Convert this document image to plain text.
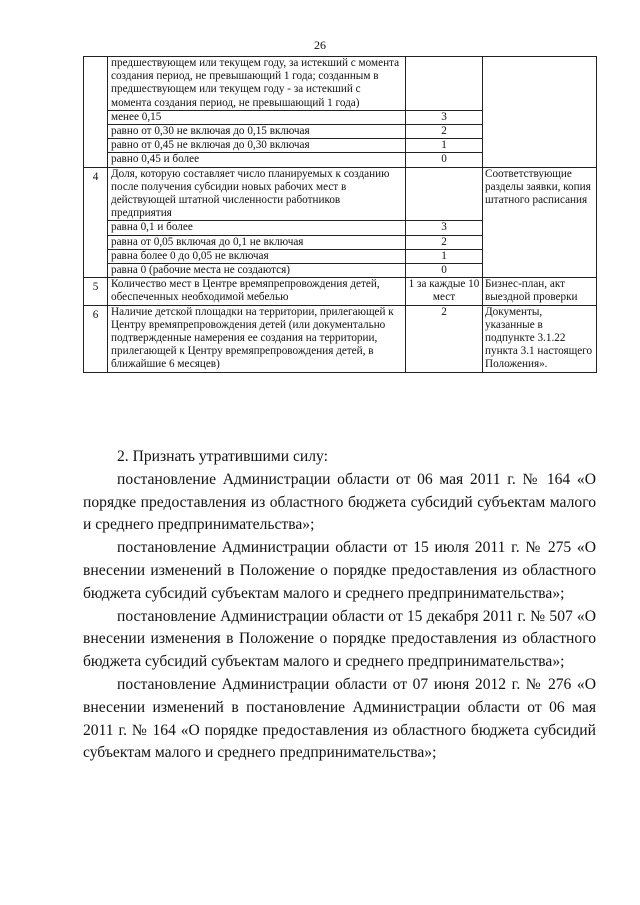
26
	предшествующем или текущем году, за истекший с момента создания период, не превышающий 1 года; созданным в предшествующем или текущем году - за истекший с момента создания период, не превышающий 1 года)		
	менее 0,15	3	
	равно от 0,30 не включая до 0,15 включая	2	
	равно от 0,45 не включая до 0,30 включая	1	
	равно 0,45 и более	0	
4	Доля, которую составляет число планируемых к созданию после получения субсидии новых рабочих мест в действующей штатной численности работников предприятия		Соответствующие разделы заявки, копия штатного расписания
	равна 0,1 и более	3	
	равна от 0,05 включая до 0,1 не включая	2	
	равна более 0 до 0,05 не включая	1	
	равна 0 (рабочие места не создаются)	0	
5	Количество мест в Центре времяпрепровождения детей, обеспеченных необходимой мебелью	1 за каждые 10 мест	Бизнес-план, акт выездной проверки
6	Наличие детской площадки на территории, прилегающей к Центру времяпрепровождения детей (или документально подтвержденные намерения ее создания на территории, прилегающей к Центру времяпрепровождения детей, в ближайшие 6 месяцев)	2	Документы, указанные в подпункте 3.1.22 пункта 3.1 настоящего Положения».

2. Признать утратившими силу:

постановление Администрации области от 06 мая 2011 г. № 164 «О порядке предоставления из областного бюджета субсидий субъектам малого и среднего предпринимательства»;

постановление Администрации области от 15 июля 2011 г. № 275 «О внесении изменений в Положение о порядке предоставления из областного бюджета субсидий субъектам малого и среднего предпринимательства»;

постановление Администрации области от 15 декабря 2011 г. № 507 «О внесении изменения в Положение о порядке предоставления из областного бюджета субсидий субъектам малого и среднего предпринимательства»;

постановление Администрации области от 07 июня 2012 г. № 276 «О внесении изменений в постановление Администрации области от 06 мая 2011 г. № 164 «О порядке предоставления из областного бюджета субсидий субъектам малого и среднего предпринимательства»;
